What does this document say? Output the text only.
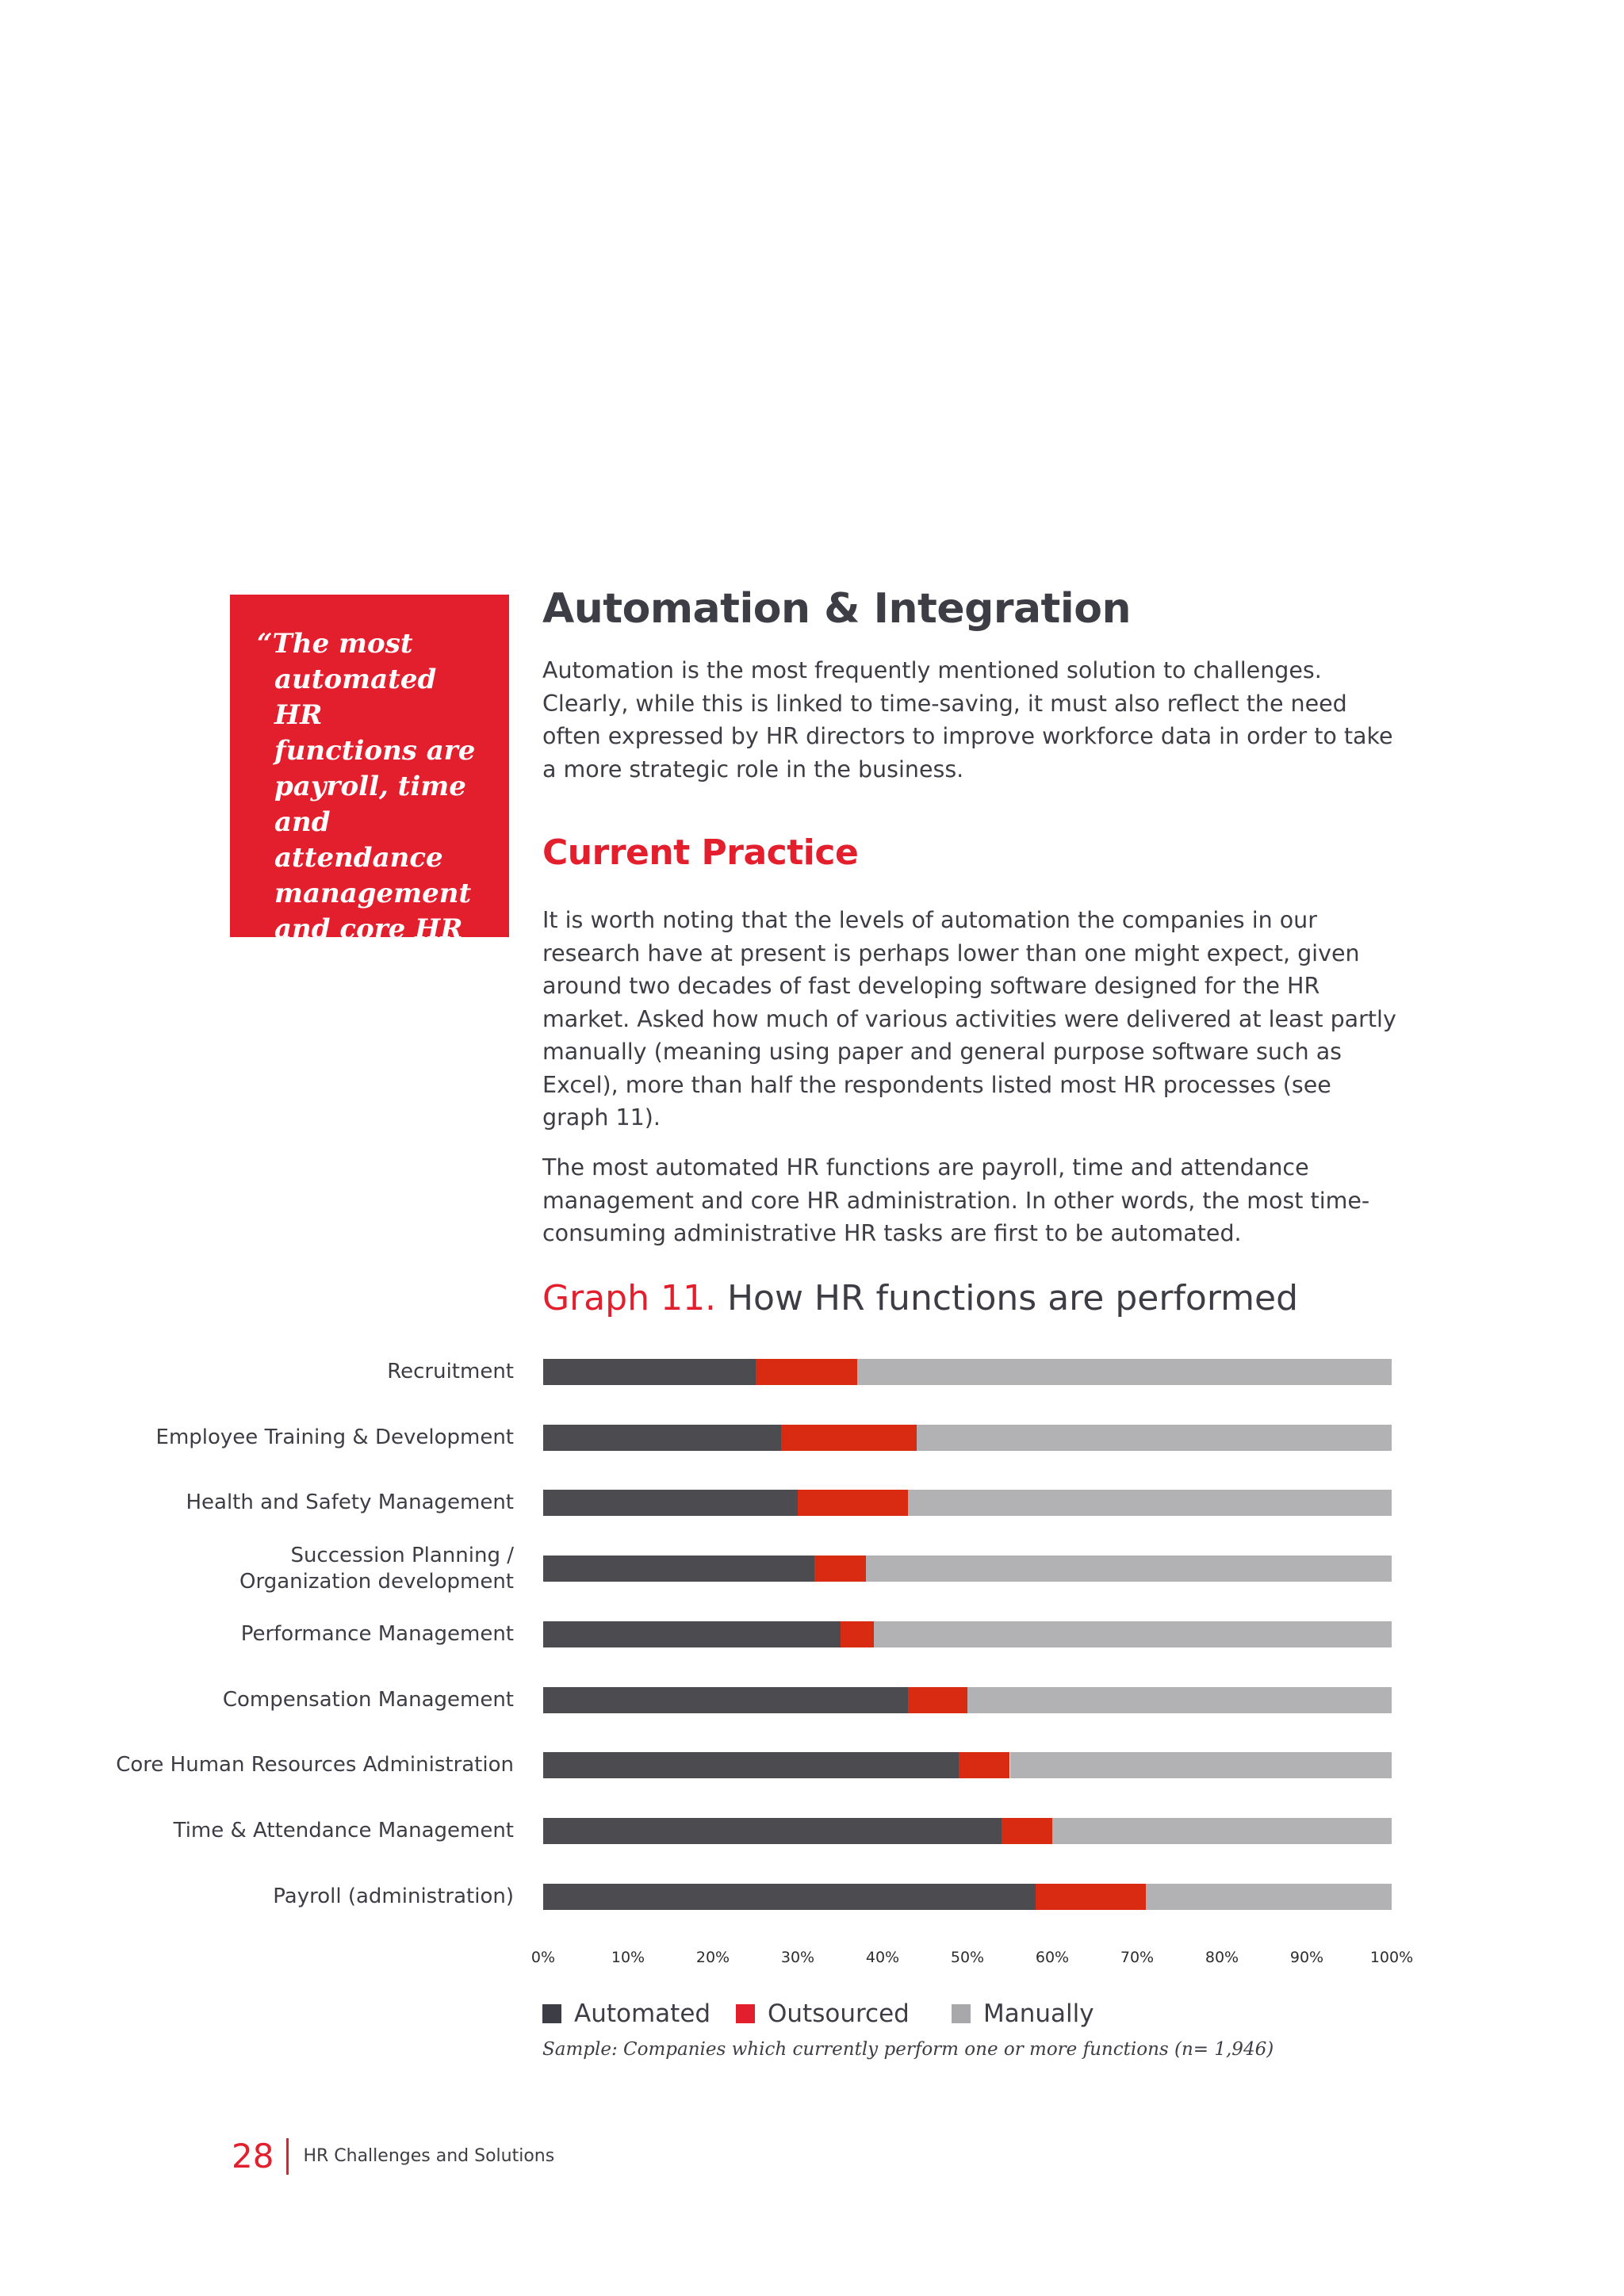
“The most
automated HR
functions are
payroll, time
and attendance
management
and core HR
administration.”
Automation & Integration

Automation is the most frequently mentioned solution to challenges.
Clearly, while this is linked to time-saving, it must also reflect the need
often expressed by HR directors to improve workforce data in order to take
a more strategic role in the business.

Current Practice

It is worth noting that the levels of automation the companies in our
research have at present is perhaps lower than one might expect, given
around two decades of fast developing software designed for the HR
market. Asked how much of various activities were delivered at least partly
manually (meaning using paper and general purpose software such as
Excel), more than half the respondents listed most HR processes (see
graph 11).

The most automated HR functions are payroll, time and attendance
management and core HR administration. In other words, the most time-
consuming administrative HR tasks are first to be automated.

Graph 11. How HR functions are performed
Recruitment
Employee Training & Development
Health and Safety Management
Succession Planning /
Organization development
Performance Management
Compensation Management
Core Human Resources Administration
Time & Attendance Management
Payroll (administration)
0%	10%	20%	30%	40%	50%	60%	70%	80%	90%	100%
Automated Outsourced	Manually
Sample: Companies which currently perform one or more functions (n= 1,946)
28 HR Challenges and Solutions
